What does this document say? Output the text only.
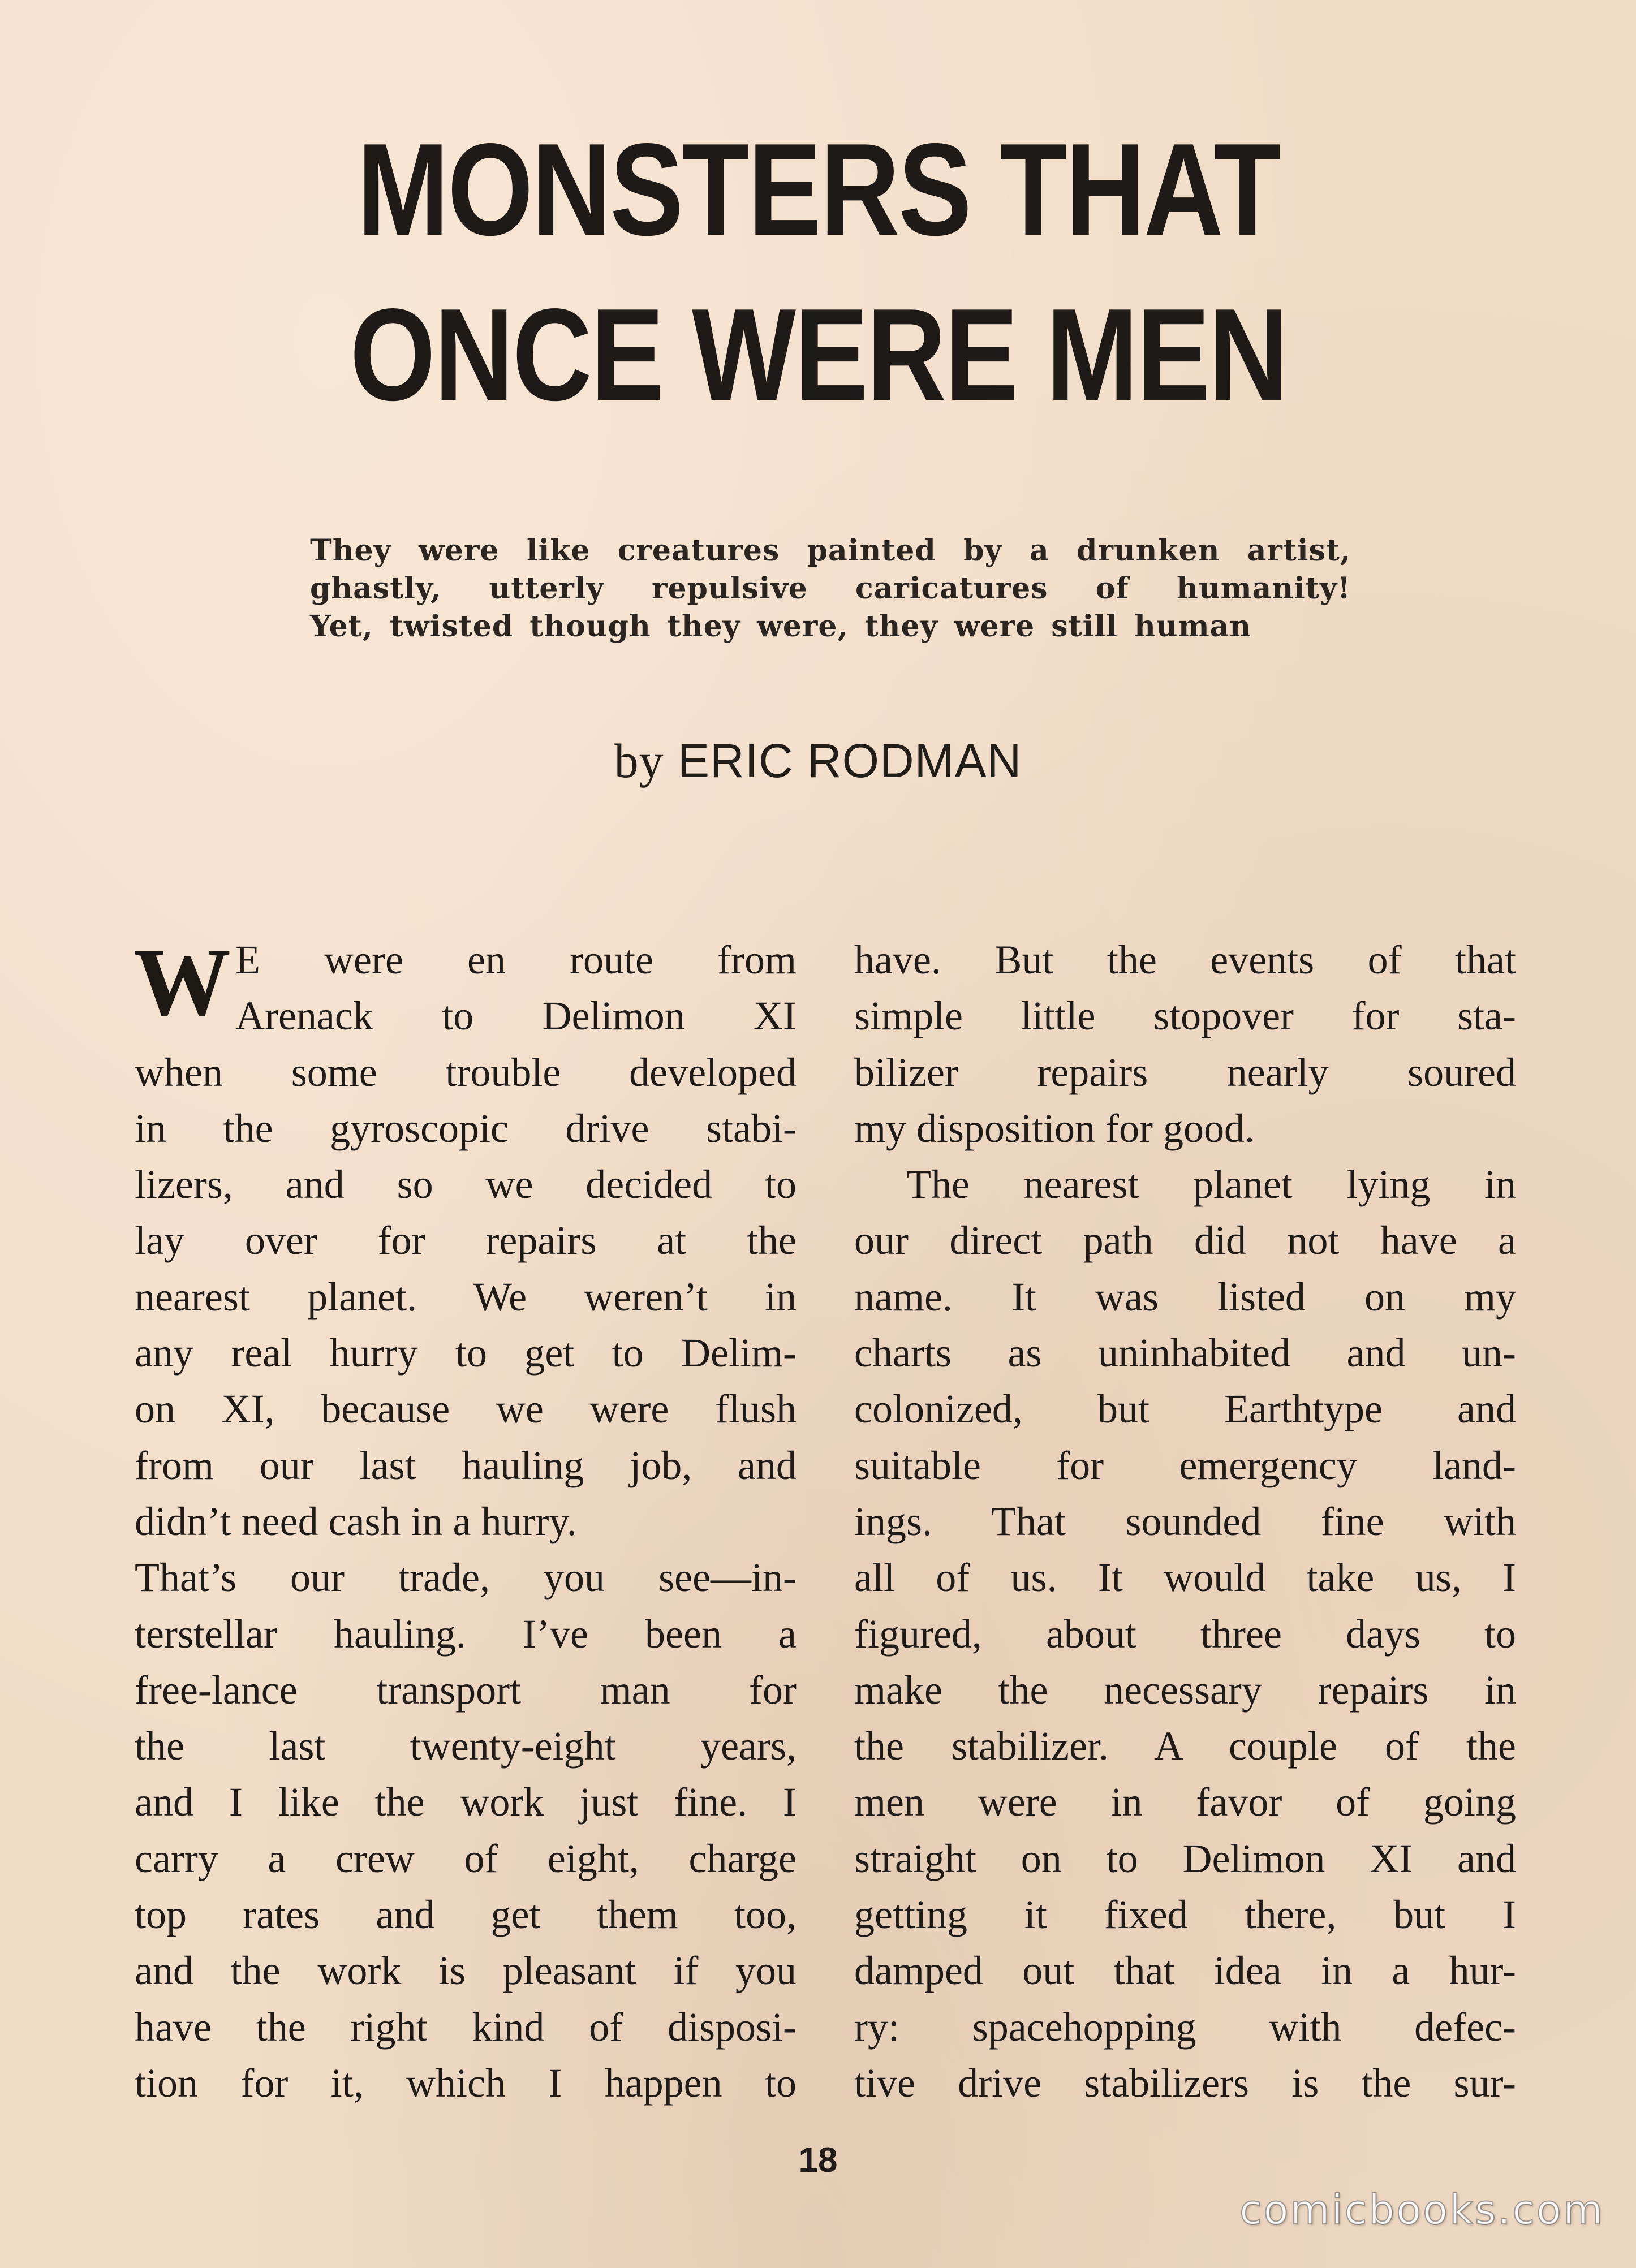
MONSTERS THAT
ONCE WERE MEN
They were like creatures painted by a drunken artist,
ghastly, utterly repulsive caricatures of humanity!
Yet, twisted though they were, they were still human
by ERIC RODMAN
W E were en route from
Arenack to Delimon XI
when some trouble developed
in the gyroscopic drive stabi-
lizers, and so we decided to
lay over for repairs at the
nearest planet. We weren’t in
any real hurry to get to Delim-
on XI, because we were flush
from our last hauling job, and
didn’t need cash in a hurry.
That’s our trade, you see—in-
terstellar hauling. I’ve been a
free-lance transport man for
the last twenty-eight years,
and I like the work just fine. I
carry a crew of eight, charge
top rates and get them too,
and the work is pleasant if you
have the right kind of disposi-
tion for it, which I happen to
have. But the events of that
simple little stopover for sta-
bilizer repairs nearly soured
my disposition for good.
The nearest planet lying in
our direct path did not have a
name. It was listed on my
charts as uninhabited and un-
colonized, but Earthtype and
suitable for emergency land-
ings. That sounded fine with
all of us. It would take us, I
figured, about three days to
make the necessary repairs in
the stabilizer. A couple of the
men were in favor of going
straight on to Delimon XI and
getting it fixed there, but I
damped out that idea in a hur-
ry: spacehopping with defec-
tive drive stabilizers is the sur-
18
comicbooks.com
